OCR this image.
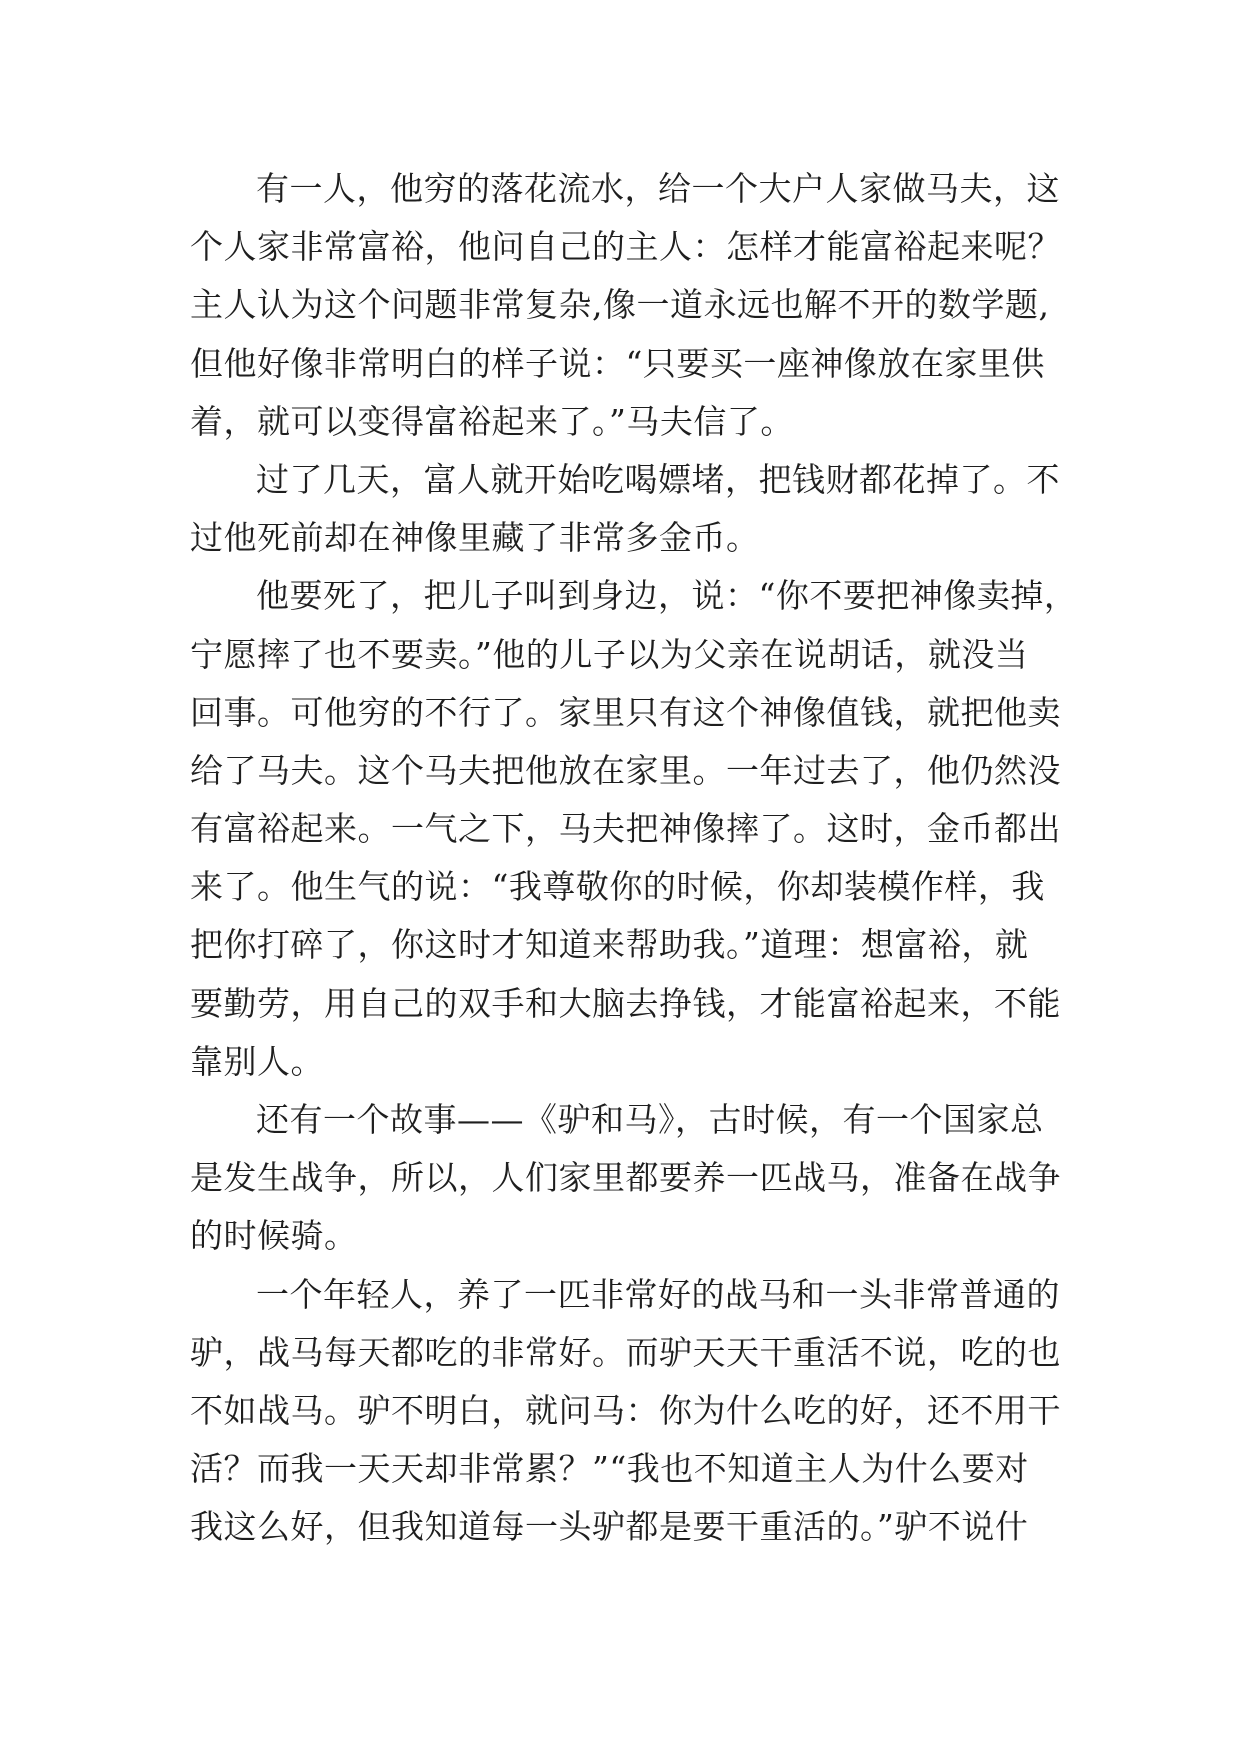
有一人，他穷的落花流水，给一个大户人家做马夫，这
个人家非常富裕，他问自己的主人：怎样才能富裕起来呢？
主人认为这个问题非常复杂,像一道永远也解不开的数学题,
但他好像非常明白的样子说：“只要买一座神像放在家里供
着，就可以变得富裕起来了。”马夫信了。
过了几天，富人就开始吃喝嫖堵，把钱财都花掉了。不
过他死前却在神像里藏了非常多金币。
他要死了，把儿子叫到身边，说：“你不要把神像卖掉，
宁愿摔了也不要卖。”他的儿子以为父亲在说胡话，就没当
回事。可他穷的不行了。家里只有这个神像值钱，就把他卖
给了马夫。这个马夫把他放在家里。一年过去了，他仍然没
有富裕起来。一气之下，马夫把神像摔了。这时，金币都出
来了。他生气的说：“我尊敬你的时候，你却装模作样，我
把你打碎了，你这时才知道来帮助我。”道理：想富裕，就
要勤劳，用自己的双手和大脑去挣钱，才能富裕起来，不能
靠别人。
还有一个故事——《驴和马》，古时候，有一个国家总
是发生战争，所以，人们家里都要养一匹战马，准备在战争
的时候骑。
一个年轻人，养了一匹非常好的战马和一头非常普通的
驴，战马每天都吃的非常好。而驴天天干重活不说，吃的也
不如战马。驴不明白，就问马：你为什么吃的好，还不用干
活？而我一天天却非常累？”“我也不知道主人为什么要对
我这么好，但我知道每一头驴都是要干重活的。”驴不说什
